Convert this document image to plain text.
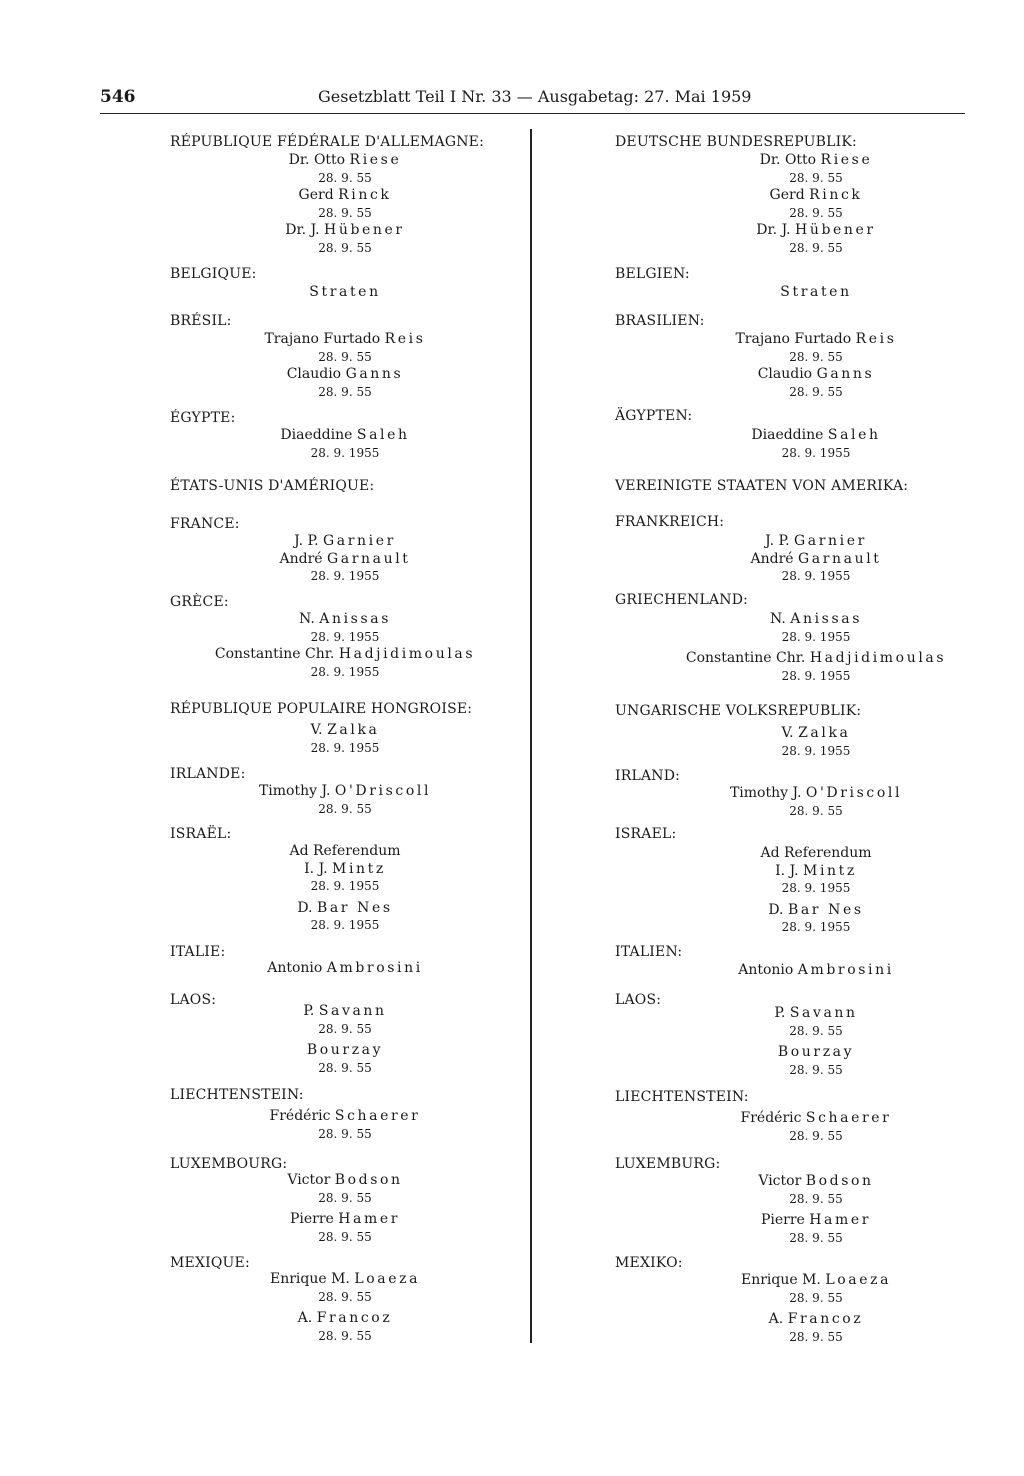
546	Gesetzblatt Teil I Nr. 33 — Ausgabetag: 27. Mai 1959
RÉPUBLIQUE FÉDÉRALE D'ALLEMAGNE:
Dr. Otto Riese
28. 9. 55
Gerd Rinck
28. 9. 55
Dr. J. Hübener
28. 9. 55
BELGIQUE:
Straten
BRÉSIL:
Trajano Furtado Reis
28. 9. 55
Claudio Ganns
28. 9. 55
ÉGYPTE:
Diaeddine Saleh
28. 9. 1955
ÉTATS-UNIS D'AMÉRIQUE:
FRANCE:
J. P. Garnier
André Garnault
28. 9. 1955
GRÈCE:
N. Anissas
28. 9. 1955
Constantine Chr. Hadjidimoulas
28. 9. 1955
RÉPUBLIQUE POPULAIRE HONGROISE:
V. Zalka
28. 9. 1955
IRLANDE:
Timothy J. O'Driscoll
28. 9. 55
ISRAËL:
Ad Referendum
I. J. Mintz
28. 9. 1955
D. Bar Nes
28. 9. 1955
ITALIE:
Antonio Ambrosini
LAOS:
P. Savann
28. 9. 55
Bourzay
28. 9. 55
LIECHTENSTEIN:
Frédéric Schaerer
28. 9. 55
LUXEMBOURG:
Victor Bodson
28. 9. 55
Pierre Hamer
28. 9. 55
MEXIQUE:
Enrique M. Loaeza
28. 9. 55
A. Francoz
28. 9. 55
DEUTSCHE BUNDESREPUBLIK:
Dr. Otto Riese
28. 9. 55
Gerd Rinck
28. 9. 55
Dr. J. Hübener
28. 9. 55
BELGIEN:
Straten
BRASILIEN:
Trajano Furtado Reis
28. 9. 55
Claudio Ganns
28. 9. 55
ÄGYPTEN:
Diaeddine Saleh
28. 9. 1955
VEREINIGTE STAATEN VON AMERIKA:
FRANKREICH:
J. P. Garnier
André Garnault
28. 9. 1955
GRIECHENLAND:
N. Anissas
28. 9. 1955
Constantine Chr. Hadjidimoulas
28. 9. 1955
UNGARISCHE VOLKSREPUBLIK:
V. Zalka
28. 9. 1955
IRLAND:
Timothy J. O'Driscoll
28. 9. 55
ISRAEL:
Ad Referendum
I. J. Mintz
28. 9. 1955
D. Bar Nes
28. 9. 1955
ITALIEN:
Antonio Ambrosini
LAOS:
P. Savann
28. 9. 55
Bourzay
28. 9. 55
LIECHTENSTEIN:
Frédéric Schaerer
28. 9. 55
LUXEMBURG:
Victor Bodson
28. 9. 55
Pierre Hamer
28. 9. 55
MEXIKO:
Enrique M. Loaeza
28. 9. 55
A. Francoz
28. 9. 55
